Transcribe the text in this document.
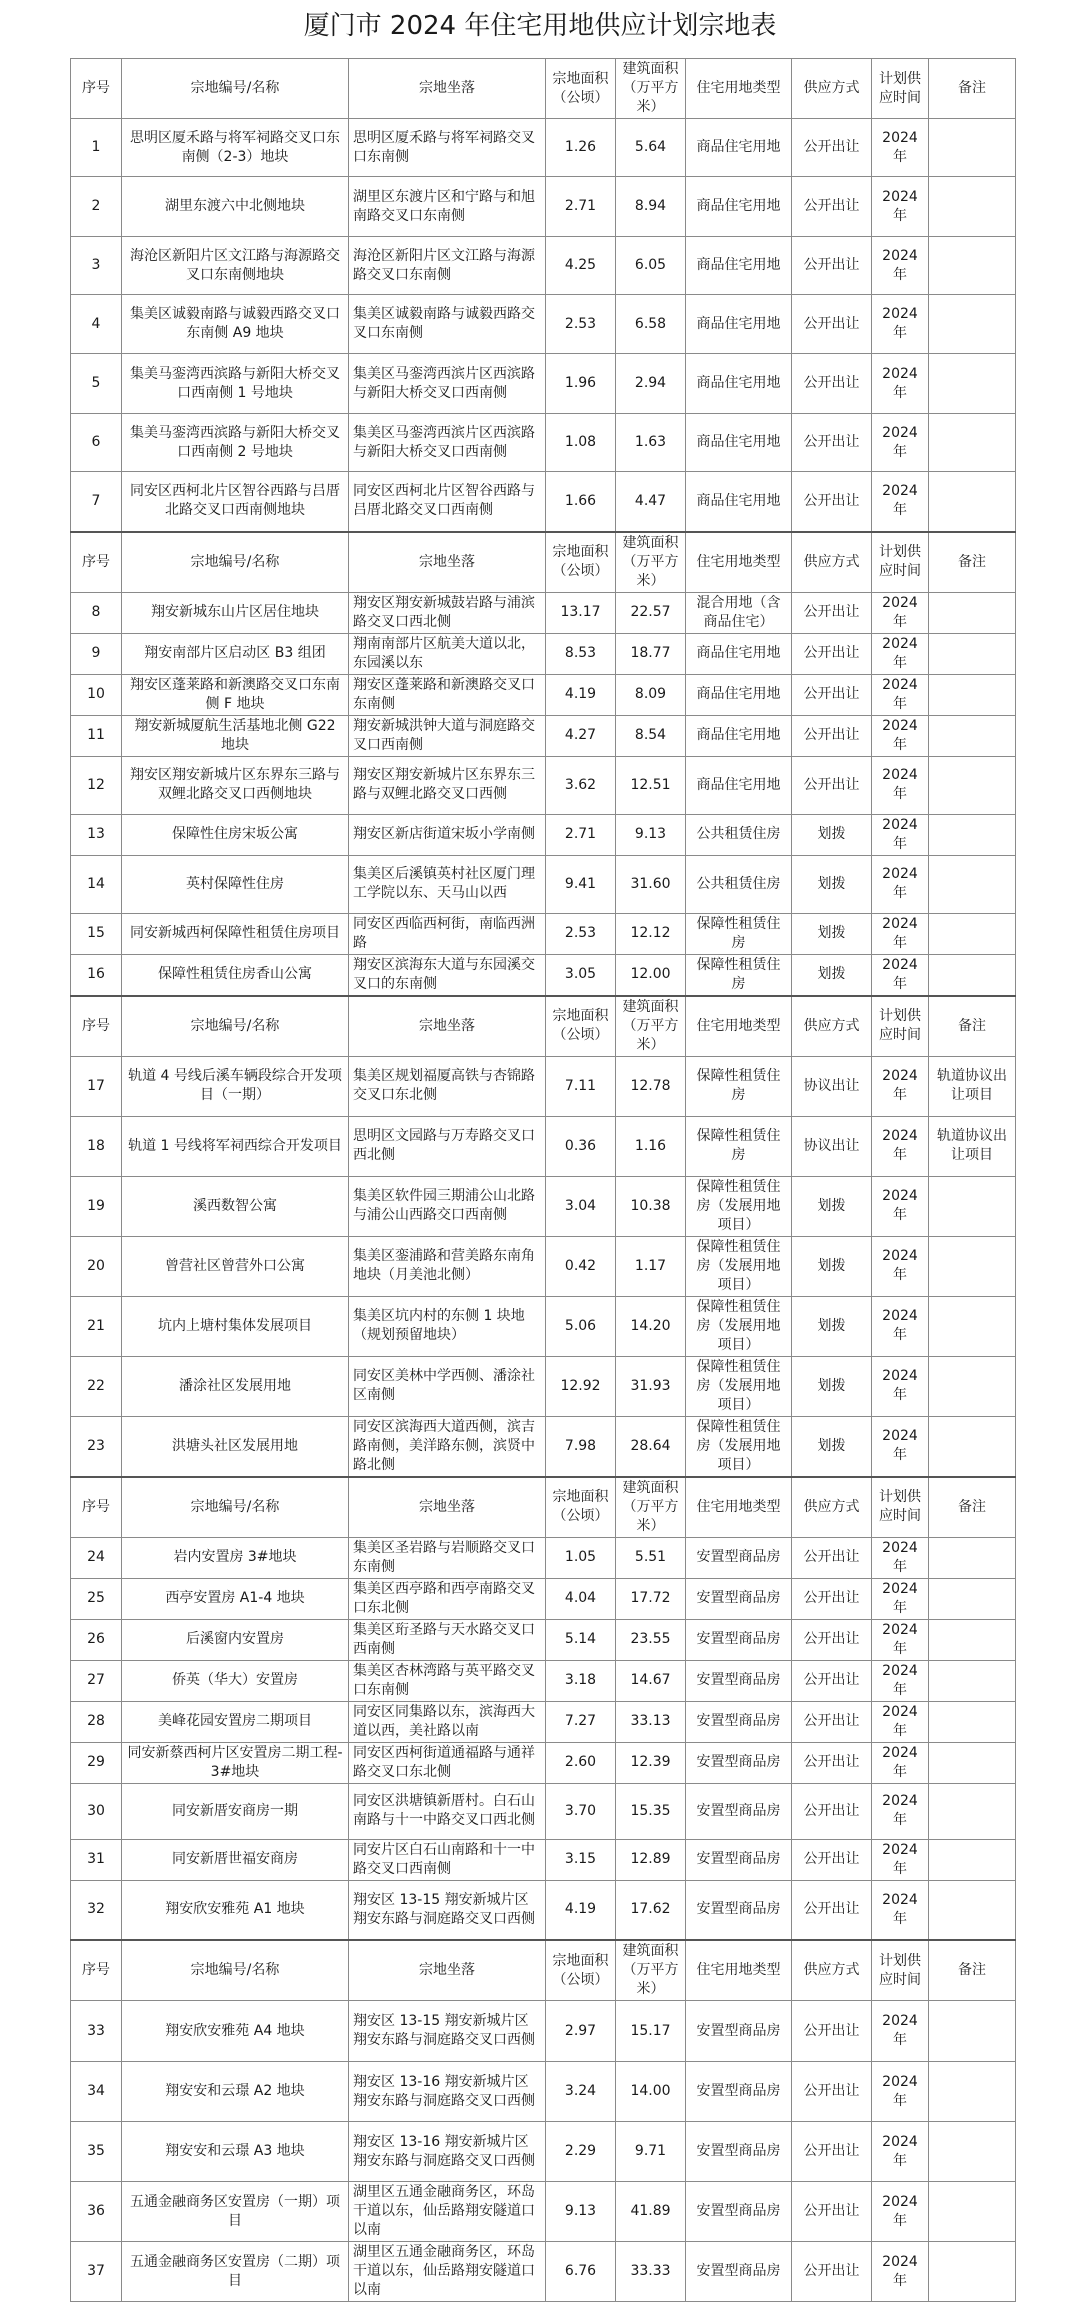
厦门市 2024 年住宅用地供应计划宗地表
序号	宗地编号/名称	宗地坐落	宗地面积（公顷）	建筑面积（万平方米）	住宅用地类型	供应方式	计划供应时间	备注
1	思明区厦禾路与将军祠路交叉口东南侧（2-3）地块	思明区厦禾路与将军祠路交叉口东南侧	1.26	5.64	商品住宅用地	公开出让	2024年	
2	湖里东渡六中北侧地块	湖里区东渡片区和宁路与和旭南路交叉口东南侧	2.71	8.94	商品住宅用地	公开出让	2024年	
3	海沧区新阳片区文江路与海源路交叉口东南侧地块	海沧区新阳片区文江路与海源路交叉口东南侧	4.25	6.05	商品住宅用地	公开出让	2024年	
4	集美区诚毅南路与诚毅西路交叉口东南侧 A9 地块	集美区诚毅南路与诚毅西路交叉口东南侧	2.53	6.58	商品住宅用地	公开出让	2024年	
5	集美马銮湾西滨路与新阳大桥交叉口西南侧 1 号地块	集美区马銮湾西滨片区西滨路与新阳大桥交叉口西南侧	1.96	2.94	商品住宅用地	公开出让	2024年	
6	集美马銮湾西滨路与新阳大桥交叉口西南侧 2 号地块	集美区马銮湾西滨片区西滨路与新阳大桥交叉口西南侧	1.08	1.63	商品住宅用地	公开出让	2024年	
7	同安区西柯北片区智谷西路与吕厝北路交叉口西南侧地块	同安区西柯北片区智谷西路与吕厝北路交叉口西南侧	1.66	4.47	商品住宅用地	公开出让	2024年	
序号	宗地编号/名称	宗地坐落	宗地面积（公顷）	建筑面积（万平方米）	住宅用地类型	供应方式	计划供应时间	备注
8	翔安新城东山片区居住地块	翔安区翔安新城鼓岩路与浦滨路交叉口西北侧	13.17	22.57	混合用地（含商品住宅）	公开出让	2024年	
9	翔安南部片区启动区 B3 组团	翔南南部片区航美大道以北，东园溪以东	8.53	18.77	商品住宅用地	公开出让	2024年	
10	翔安区蓬莱路和新澳路交叉口东南侧 F 地块	翔安区蓬莱路和新澳路交叉口东南侧	4.19	8.09	商品住宅用地	公开出让	2024年	
11	翔安新城厦航生活基地北侧 G22 地块	翔安新城洪钟大道与洞庭路交叉口西南侧	4.27	8.54	商品住宅用地	公开出让	2024年	
12	翔安区翔安新城片区东界东三路与双鲤北路交叉口西侧地块	翔安区翔安新城片区东界东三路与双鲤北路交叉口西侧	3.62	12.51	商品住宅用地	公开出让	2024年	
13	保障性住房宋坂公寓	翔安区新店街道宋坂小学南侧	2.71	9.13	公共租赁住房	划拨	2024年	
14	英村保障性住房	集美区后溪镇英村社区厦门理工学院以东、天马山以西	9.41	31.60	公共租赁住房	划拨	2024年	
15	同安新城西柯保障性租赁住房项目	同安区西临西柯街，南临西洲路	2.53	12.12	保障性租赁住房	划拨	2024年	
16	保障性租赁住房香山公寓	翔安区滨海东大道与东园溪交叉口的东南侧	3.05	12.00	保障性租赁住房	划拨	2024年	
序号	宗地编号/名称	宗地坐落	宗地面积（公顷）	建筑面积（万平方米）	住宅用地类型	供应方式	计划供应时间	备注
17	轨道 4 号线后溪车辆段综合开发项目（一期）	集美区规划福厦高铁与杏锦路交叉口东北侧	7.11	12.78	保障性租赁住房	协议出让	2024年	轨道协议出让项目
18	轨道 1 号线将军祠西综合开发项目	思明区文园路与万寿路交叉口西北侧	0.36	1.16	保障性租赁住房	协议出让	2024年	轨道协议出让项目
19	溪西数智公寓	集美区软件园三期浦公山北路与浦公山西路交口西南侧	3.04	10.38	保障性租赁住房（发展用地项目）	划拨	2024年	
20	曾营社区曾营外口公寓	集美区銮浦路和营美路东南角地块（月美池北侧）	0.42	1.17	保障性租赁住房（发展用地项目）	划拨	2024年	
21	坑内上塘村集体发展项目	集美区坑内村的东侧 1 块地（规划预留地块）	5.06	14.20	保障性租赁住房（发展用地项目）	划拨	2024年	
22	潘涂社区发展用地	同安区美林中学西侧、潘涂社区南侧	12.92	31.93	保障性租赁住房（发展用地项目）	划拨	2024年	
23	洪塘头社区发展用地	同安区滨海西大道西侧，滨吉路南侧，美洋路东侧，滨贤中路北侧	7.98	28.64	保障性租赁住房（发展用地项目）	划拨	2024年	
序号	宗地编号/名称	宗地坐落	宗地面积（公顷）	建筑面积（万平方米）	住宅用地类型	供应方式	计划供应时间	备注
24	岩内安置房 3#地块	集美区圣岩路与岩顺路交叉口东南侧	1.05	5.51	安置型商品房	公开出让	2024年	
25	西亭安置房 A1-4 地块	集美区西亭路和西亭南路交叉口东北侧	4.04	17.72	安置型商品房	公开出让	2024年	
26	后溪窗内安置房	集美区珩圣路与天水路交叉口西南侧	5.14	23.55	安置型商品房	公开出让	2024年	
27	侨英（华大）安置房	集美区杏林湾路与英平路交叉口东南侧	3.18	14.67	安置型商品房	公开出让	2024年	
28	美峰花园安置房二期项目	同安区同集路以东，滨海西大道以西，美社路以南	7.27	33.13	安置型商品房	公开出让	2024年	
29	同安新蔡西柯片区安置房二期工程-3#地块	同安区西柯街道通福路与通祥路交叉口东北侧	2.60	12.39	安置型商品房	公开出让	2024年	
30	同安新厝安商房一期	同安区洪塘镇新厝村。白石山南路与十一中路交叉口西北侧	3.70	15.35	安置型商品房	公开出让	2024年	
31	同安新厝世福安商房	同安片区白石山南路和十一中路交叉口西南侧	3.15	12.89	安置型商品房	公开出让	2024年	
32	翔安欣安雅苑 A1 地块	翔安区 13-15 翔安新城片区翔安东路与洞庭路交叉口西侧	4.19	17.62	安置型商品房	公开出让	2024年	
序号	宗地编号/名称	宗地坐落	宗地面积（公顷）	建筑面积（万平方米）	住宅用地类型	供应方式	计划供应时间	备注
33	翔安欣安雅苑 A4 地块	翔安区 13-15 翔安新城片区翔安东路与洞庭路交叉口西侧	2.97	15.17	安置型商品房	公开出让	2024年	
34	翔安安和云璟 A2 地块	翔安区 13-16 翔安新城片区翔安东路与洞庭路交叉口西侧	3.24	14.00	安置型商品房	公开出让	2024年	
35	翔安安和云璟 A3 地块	翔安区 13-16 翔安新城片区翔安东路与洞庭路交叉口西侧	2.29	9.71	安置型商品房	公开出让	2024年	
36	五通金融商务区安置房（一期）项目	湖里区五通金融商务区，环岛干道以东，仙岳路翔安隧道口以南	9.13	41.89	安置型商品房	公开出让	2024年	
37	五通金融商务区安置房（二期）项目	湖里区五通金融商务区，环岛干道以东，仙岳路翔安隧道口以南	6.76	33.33	安置型商品房	公开出让	2024年	
